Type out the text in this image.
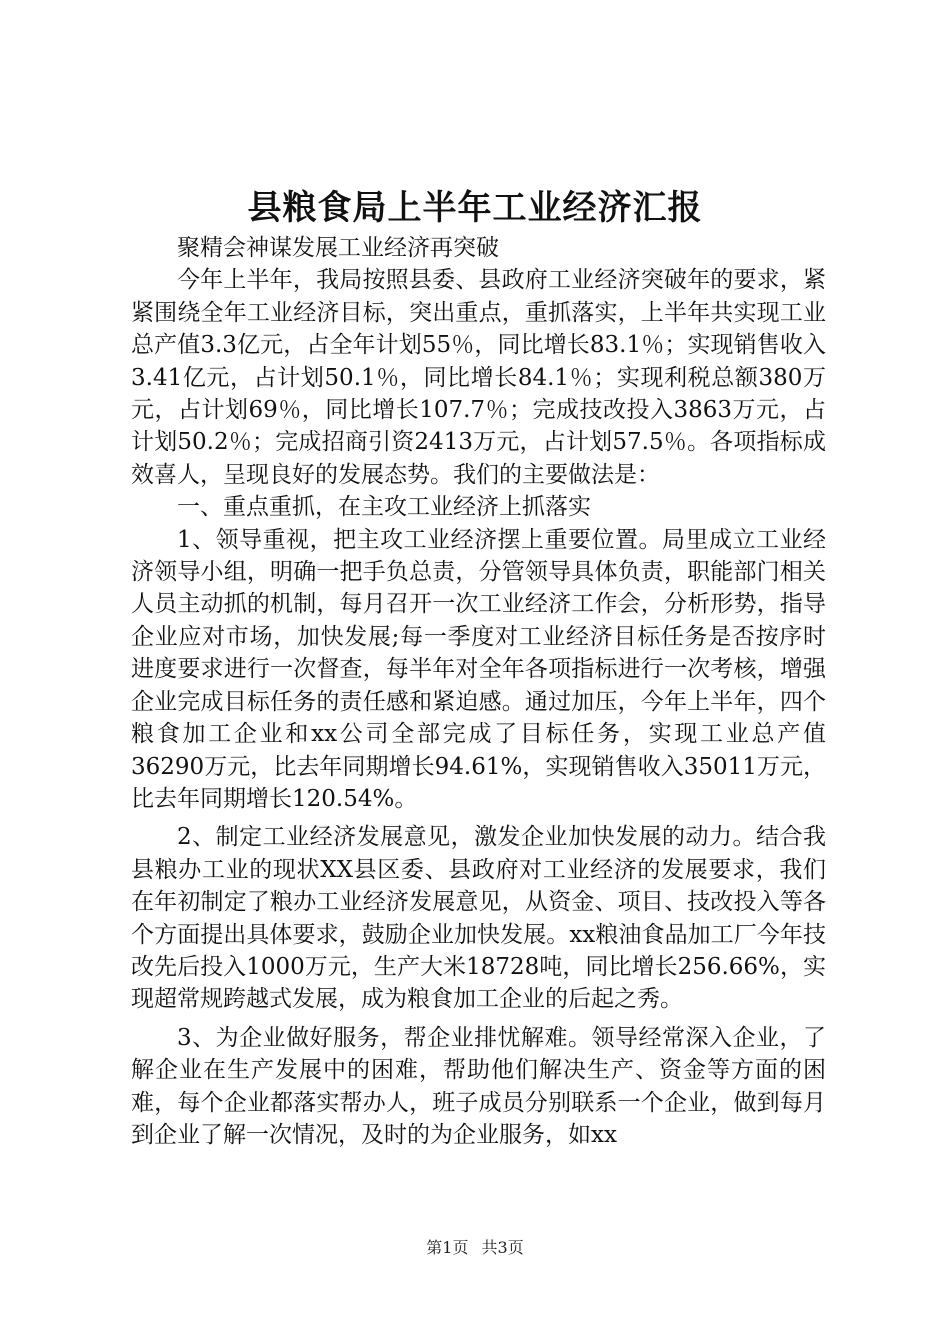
县粮食局上半年工业经济汇报

聚精会神谋发展工业经济再突破

今年上半年，我局按照县委、县政府工业经济突破年的要求，紧紧围绕全年工业经济目标，突出重点，重抓落实，上半年共实现工业总产值3.3亿元，占全年计划55％，同比增长83.1％；实现销售收入3.41亿元，占计划50.1％，同比增长84.1％；实现利税总额380万元，占计划69％，同比增长107.7％；完成技改投入3863万元，占计划50.2％；完成招商引资2413万元，占计划57.5％。各项指标成效喜人，呈现良好的发展态势。我们的主要做法是：

一、重点重抓，在主攻工业经济上抓落实

1、领导重视，把主攻工业经济摆上重要位置。局里成立工业经济领导小组，明确一把手负总责，分管领导具体负责，职能部门相关人员主动抓的机制，每月召开一次工业经济工作会，分析形势，指导企业应对市场，加快发展;每一季度对工业经济目标任务是否按序时进度要求进行一次督查，每半年对全年各项指标进行一次考核，增强企业完成目标任务的责任感和紧迫感。通过加压，今年上半年，四个粮食加工企业和xx公司全部完成了目标任务，实现工业总产值36290万元，比去年同期增长94.61%，实现销售收入35011万元，比去年同期增长120.54%。

2、制定工业经济发展意见，激发企业加快发展的动力。结合我县粮办工业的现状XX县区委、县政府对工业经济的发展要求，我们在年初制定了粮办工业经济发展意见，从资金、项目、技改投入等各个方面提出具体要求，鼓励企业加快发展。xx粮油食品加工厂今年技改先后投入1000万元，生产大米18728吨，同比增长256.66%，实现超常规跨越式发展，成为粮食加工企业的后起之秀。

3、为企业做好服务，帮企业排忧解难。领导经常深入企业，了解企业在生产发展中的困难，帮助他们解决生产、资金等方面的困难，每个企业都落实帮办人，班子成员分别联系一个企业，做到每月到企业了解一次情况，及时的为企业服务，如xx

第1页 共3页
